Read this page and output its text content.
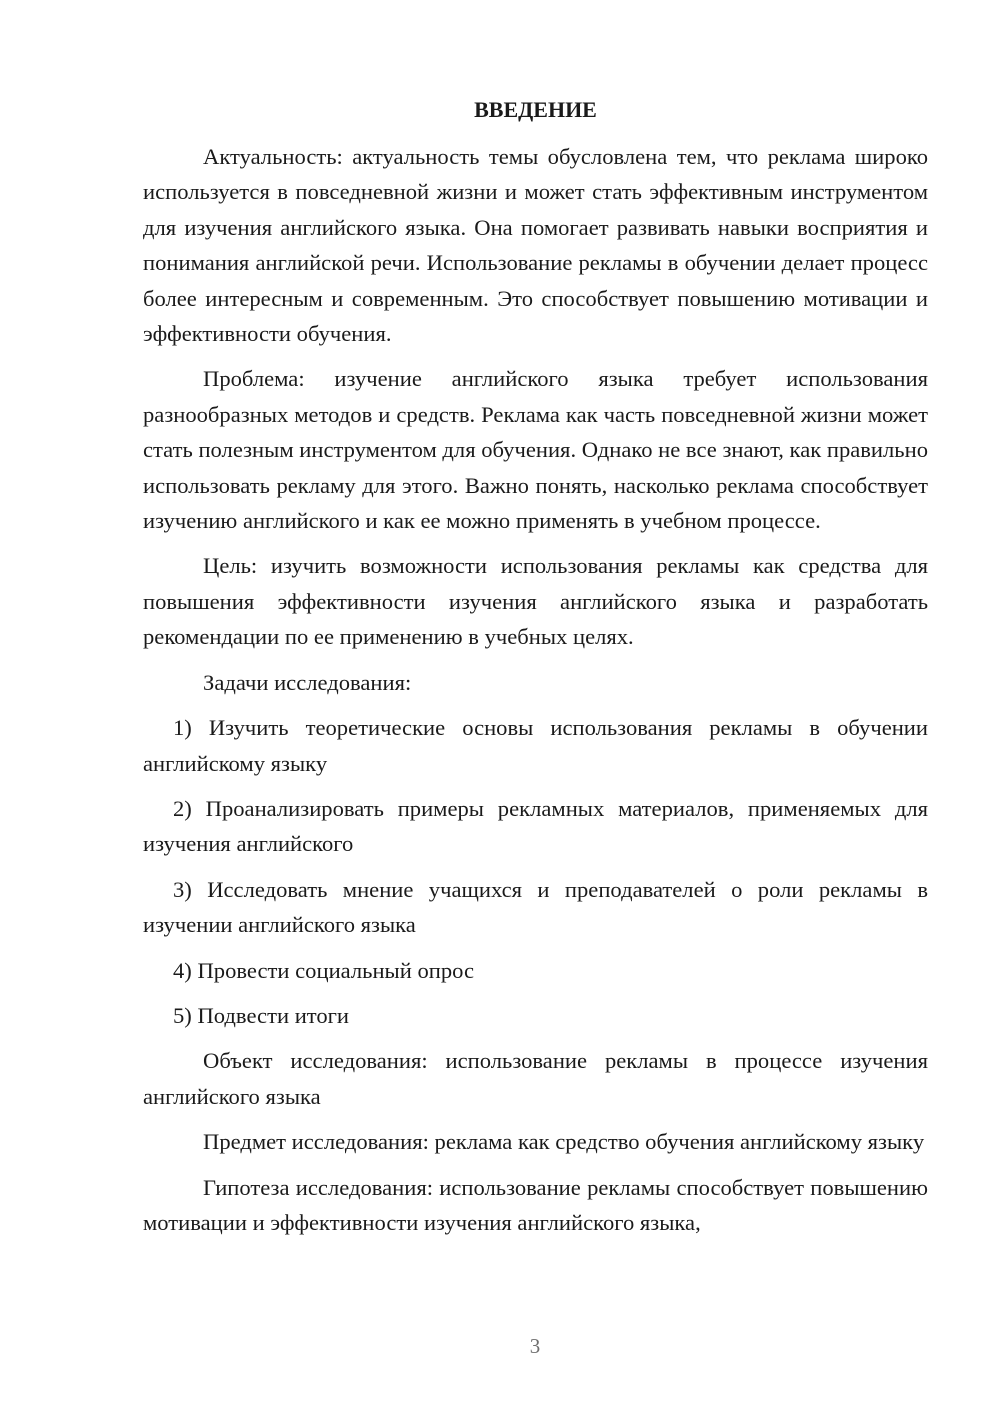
ВВЕДЕНИЕ

Актуальность: актуальность темы обусловлена тем, что реклама широко используется в повседневной жизни и может стать эффективным инструментом для изучения английского языка. Она помогает развивать навыки восприятия и понимания английской речи. Использование рекламы в обучении делает процесс более интересным и современным. Это способствует повышению мотивации и эффективности обучения.

Проблема: изучение английского языка требует использования разнообразных методов и средств. Реклама как часть повседневной жизни может стать полезным инструментом для обучения. Однако не все знают, как правильно использовать рекламу для этого. Важно понять, насколько реклама способствует изучению английского и как ее можно применять в учебном процессе.

Цель: изучить возможности использования рекламы как средства для повышения эффективности изучения английского языка и разработать рекомендации по ее применению в учебных целях.

Задачи исследования:

1) Изучить теоретические основы использования рекламы в обучении английскому языку

2) Проанализировать примеры рекламных материалов, применяемых для изучения английского

3) Исследовать мнение учащихся и преподавателей о роли рекламы в изучении английского языка

4) Провести социальный опрос

5) Подвести итоги

Объект исследования: использование рекламы в процессе изучения английского языка

Предмет исследования: реклама как средство обучения английскому языку

Гипотеза исследования: использование рекламы способствует повышению мотивации и эффективности изучения английского языка,

3
